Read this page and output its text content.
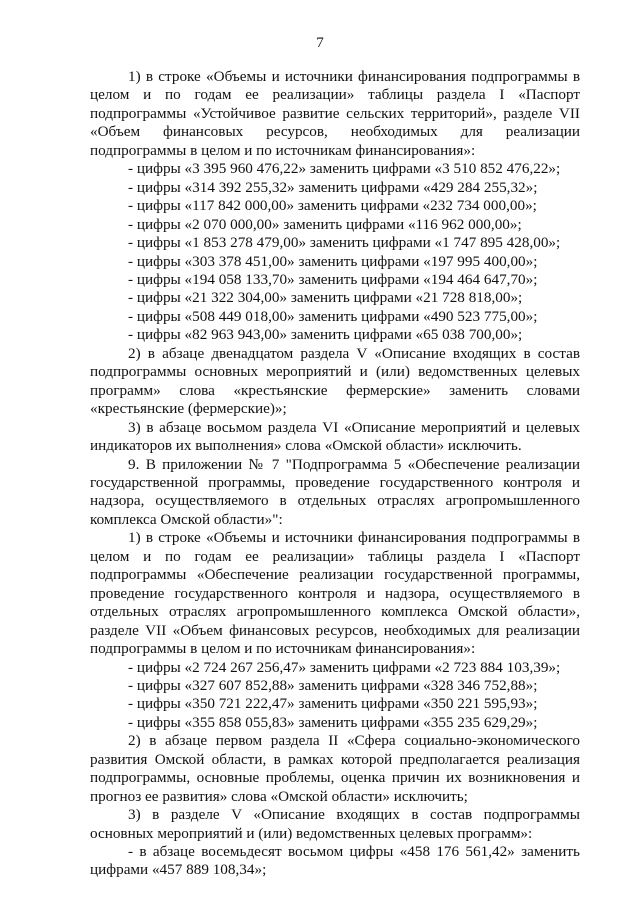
7

1) в строке «Объемы и источники финансирования подпрограммы в целом и по годам ее реализации» таблицы раздела I «Паспорт подпрограммы «Устойчивое развитие сельских территорий», разделе VII «Объем финансовых ресурсов, необходимых для реализации подпрограммы в целом и по источникам финансирования»:

- цифры «3 395 960 476,22» заменить цифрами «3 510 852 476,22»;

- цифры «314 392 255,32» заменить цифрами «429 284 255,32»;

- цифры «117 842 000,00» заменить цифрами «232 734 000,00»;

- цифры «2 070 000,00» заменить цифрами «116 962 000,00»;

- цифры «1 853 278 479,00» заменить цифрами «1 747 895 428,00»;

- цифры «303 378 451,00» заменить цифрами «197 995 400,00»;

- цифры «194 058 133,70» заменить цифрами «194 464 647,70»;

- цифры «21 322 304,00» заменить цифрами «21 728 818,00»;

- цифры «508 449 018,00» заменить цифрами «490 523 775,00»;

- цифры «82 963 943,00» заменить цифрами «65 038 700,00»;

2) в абзаце двенадцатом раздела V «Описание входящих в состав подпрограммы основных мероприятий и (или) ведомственных целевых программ» слова «крестьянские фермерские» заменить словами «крестьянские (фермерские)»;

3) в абзаце восьмом раздела VI «Описание мероприятий и целевых индикаторов их выполнения» слова «Омской области» исключить.

9. В приложении № 7 "Подпрограмма 5 «Обеспечение реализации государственной программы, проведение государственного контроля и надзора, осуществляемого в отдельных отраслях агропромышленного комплекса Омской области»":

1) в строке «Объемы и источники финансирования подпрограммы в целом и по годам ее реализации» таблицы раздела I «Паспорт подпрограммы «Обеспечение реализации государственной программы, проведение государственного контроля и надзора, осуществляемого в отдельных отраслях агропромышленного комплекса Омской области», разделе VII «Объем финансовых ресурсов, необходимых для реализации подпрограммы в целом и по источникам финансирования»:

- цифры «2 724 267 256,47» заменить цифрами «2 723 884 103,39»;

- цифры «327 607 852,88» заменить цифрами «328 346 752,88»;

- цифры «350 721 222,47» заменить цифрами «350 221 595,93»;

- цифры «355 858 055,83» заменить цифрами «355 235 629,29»;

2) в абзаце первом раздела II «Сфера социально-экономического развития Омской области, в рамках которой предполагается реализация подпрограммы, основные проблемы, оценка причин их возникновения и прогноз ее развития» слова «Омской области» исключить;

3) в разделе V «Описание входящих в состав подпрограммы основных мероприятий и (или) ведомственных целевых программ»:

- в абзаце восемьдесят восьмом цифры «458 176 561,42» заменить цифрами «457 889 108,34»;
